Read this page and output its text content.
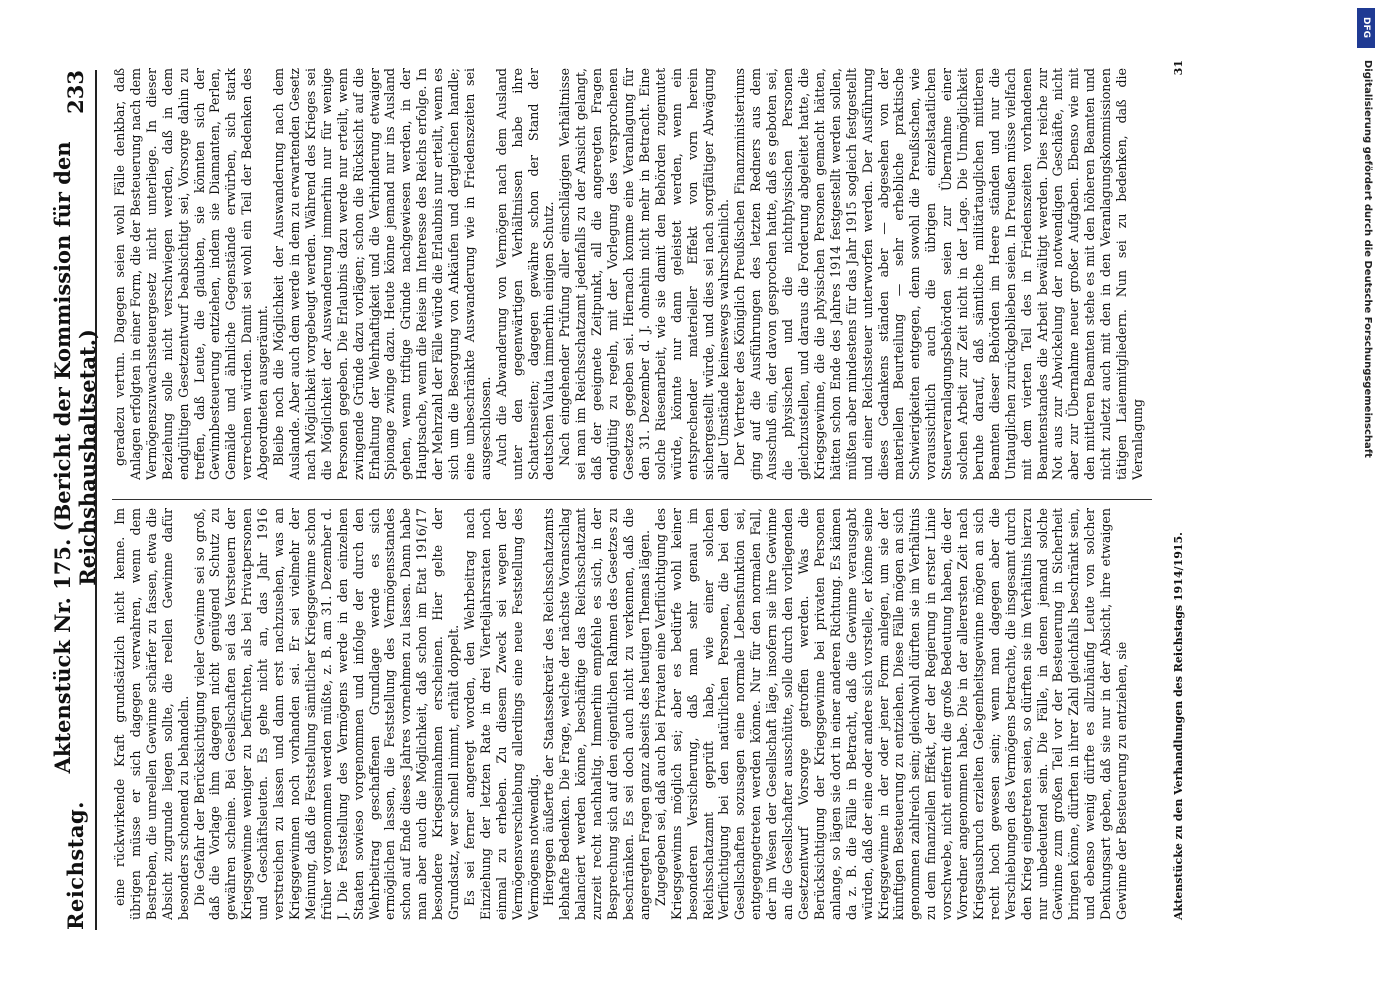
Reichstag.
Aktenstück Nr. 175. (Bericht der Kommission für den Reichshaushaltsetat.)
233

eine rückwirkende Kraft grundsätzlich nicht kenne. Im übrigen müsse er sich dagegen verwahren, wenn dem Bestreben, die unreellen Gewinne schärfer zu fassen, etwa die Absicht zugrunde liegen sollte, die reellen Gewinne dafür besonders schonend zu behandeln. Die Gefahr der Berücksichtigung vieler Gewinne sei so groß, daß die Vorlage ihm dagegen nicht genügend Schutz zu gewähren scheine. Bei Gesellschaften sei das Versteuern der Kriegsgewinne weniger zu befürchten, als bei Privatpersonen und Geschäftsleuten. Es gehe nicht an, das Jahr 1916 verstreichen zu lassen und dann erst nachzusehen, was an Kriegsgewinnen noch vorhanden sei. Er sei vielmehr der Meinung, daß die Feststellung sämtlicher Kriegsgewinne schon früher vorgenommen werden müßte, z. B. am 31. Dezember d. J. Die Feststellung des Vermögens werde in den einzelnen Staaten sowieso vorgenommen und infolge der durch den Wehrbeitrag geschaffenen Grundlage werde es sich ermöglichen lassen, die Feststellung des Vermögensstandes schon auf Ende dieses Jahres vornehmen zu lassen. Dann habe man aber auch die Möglichkeit, daß schon im Etat 1916/17 besondere Kriegseinnahmen erscheinen. Hier gelte der Grundsatz, wer schnell nimmt, erhält doppelt. Es sei ferner angeregt worden, den Wehrbeitrag nach Einziehung der letzten Rate in drei Vierteljahrsraten noch einmal zu erheben. Zu diesem Zweck sei wegen der Vermögensverschiebung allerdings eine neue Feststellung des Vermögens notwendig. Hiergegen äußerte der Staatssekretär des Reichsschatzamts lebhafte Bedenken. Die Frage, welche der nächste Voranschlag balanciert werden könne, beschäftige das Reichsschatzamt zurzeit recht nachhaltig. Immerhin empfehle es sich, in der Besprechung sich auf den eigentlichen Rahmen des Gesetzes zu beschränken. Es sei doch auch nicht zu verkennen, daß die angeregten Fragen ganz abseits des heutigen Themas lägen. Zugegeben sei, daß auch bei Privaten eine Verflüchtigung des Kriegsgewinns möglich sei; aber es bedürfe wohl keiner besonderen Versicherung, daß man sehr genau im Reichsschatzamt geprüft habe, wie einer solchen Verflüchtigung bei den natürlichen Personen, die bei den Gesellschaften sozusagen eine normale Lebensfunktion sei, entgegengetreten werden könne. Nur für den normalen Fall, der im Wesen der Gesellschaft läge, insofern sie ihre Gewinne an die Gesellschafter ausschütte, solle durch den vorliegenden Gesetzentwurf Vorsorge getroffen werden. Was die Berücksichtigung der Kriegsgewinne bei privaten Personen anlange, so lägen sie dort in einer anderen Richtung. Es kämen da z. B. die Fälle in Betracht, daß die Gewinne verausgabt würden, daß der eine oder andere sich vorstelle, er könne seine Kriegsgewinne in der oder jener Form anlegen, um sie der künftigen Besteuerung zu entziehen. Diese Fälle mögen an sich genommen zahlreich sein; gleichwohl dürften sie im Verhältnis zu dem finanziellen Effekt, der der Regierung in erster Linie vorschwebe, nicht entfernt die große Bedeutung haben, die der Vorredner angenommen habe. Die in der allerersten Zeit nach Kriegsausbruch erzielten Gelegenheitsgewinne mögen an sich recht hoch gewesen sein; wenn man dagegen aber die Verschiebungen des Vermögens betrachte, die insgesamt durch den Krieg eingetreten seien, so dürften sie im Verhältnis hierzu nur unbedeutend sein. Die Fälle, in denen jemand solche Gewinne zum großen Teil vor der Besteuerung in Sicherheit bringen könne, dürften in ihrer Zahl gleichfalls beschränkt sein, und ebenso wenig dürfte es allzuhäufig Leute von solcher Denkungsart geben, daß sie nur in der Absicht, ihre etwaigen Gewinne der Besteuerung zu entziehen, sie

geradezu vertun. Dagegen seien wohl Fälle denkbar, daß Anlagen erfolgten in einer Form, die der Besteuerung nach dem Vermögenszuwachssteuergesetz nicht unterliege. In dieser Beziehung solle nicht verschwiegen werden, daß in dem endgültigen Gesetzentwurf beabsichtigt sei, Vorsorge dahin zu treffen, daß Leute, die glaubten, sie könnten sich der Gewinnbesteuerung entziehen, indem sie Diamanten, Perlen, Gemälde und ähnliche Gegenstände erwürben, sich stark verrechnen würden. Damit sei wohl ein Teil der Bedenken des Abgeordneten ausgeräumt. Bleibe noch die Möglichkeit der Auswanderung nach dem Auslande. Aber auch dem werde in dem zu erwartenden Gesetz nach Möglichkeit vorgebeugt werden. Während des Krieges sei die Möglichkeit der Auswanderung immerhin nur für wenige Personen gegeben. Die Erlaubnis dazu werde nur erteilt, wenn zwingende Gründe dazu vorlägen; schon die Rücksicht auf die Erhaltung der Wehrhaftigkeit und die Verhinderung etwaiger Spionage zwinge dazu. Heute könne jemand nur ins Ausland gehen, wenn triftige Gründe nachgewiesen werden, in der Hauptsache, wenn die Reise im Interesse des Reichs erfolge. In der Mehrzahl der Fälle würde die Erlaubnis nur erteilt, wenn es sich um die Besorgung von Ankäufen und dergleichen handle; eine unbeschränkte Auswanderung wie in Friedenszeiten sei ausgeschlossen. Auch die Abwanderung von Vermögen nach dem Ausland unter den gegenwärtigen Verhältnissen habe ihre Schattenseiten; dagegen gewähre schon der Stand der deutschen Valuta immerhin einigen Schutz. Nach eingehender Prüfung aller einschlägigen Verhältnisse sei man im Reichsschatzamt jedenfalls zu der Ansicht gelangt, daß der geeignete Zeitpunkt, all die angeregten Fragen endgültig zu regeln, mit der Vorlegung des versprochenen Gesetzes gegeben sei. Hiernach komme eine Veranlagung für den 31. Dezember d. J. ohnehin nicht mehr in Betracht. Eine solche Riesenarbeit, wie sie damit den Behörden zugemutet würde, könnte nur dann geleistet werden, wenn ein entsprechender materieller Effekt von vorn herein sichergestellt würde, und dies sei nach sorgfältiger Abwägung aller Umstände keineswegs wahrscheinlich. Der Vertreter des Königlich Preußischen Finanzministeriums ging auf die Ausführungen des letzten Redners aus dem Ausschuß ein, der davon gesprochen hatte, daß es geboten sei, die physischen und die nichtphysischen Personen gleichzustellen, und daraus die Forderung abgeleitet hatte, die Kriegsgewinne, die die physischen Personen gemacht hätten, hätten schon Ende des Jahres 1914 festgestellt werden sollen, müßten aber mindestens für das Jahr 1915 sogleich festgestellt und einer Reichssteuer unterworfen werden. Der Ausführung dieses Gedankens ständen aber — abgesehen von der materiellen Beurteilung — sehr erhebliche praktische Schwierigkeiten entgegen, denn sowohl die Preußischen, wie voraussichtlich auch die übrigen einzelstaatlichen Steuerveranlagungsbehörden seien zur Übernahme einer solchen Arbeit zur Zeit nicht in der Lage. Die Unmöglichkeit beruhe darauf, daß sämtliche militärtauglichen mittleren Beamten dieser Behörden im Heere ständen und nur die Untauglichen zurückgeblieben seien. In Preußen müsse vielfach mit dem vierten Teil des in Friedenszeiten vorhandenen Beamtenstandes die Arbeit bewältigt werden. Dies reiche zur Not aus zur Abwickelung der notwendigen Geschäfte, nicht aber zur Übernahme neuer großer Aufgaben. Ebenso wie mit den mittleren Beamten stehe es mit den höheren Beamten und nicht zuletzt auch mit den in den Veranlagungskommissionen tätigen Laienmitgliedern. Nun sei zu bedenken, daß die Veranlagung

Aktenstücke zu den Verhandlungen des Reichstags 1914/1915.
31
DFG
Digitalisierung gefördert durch die Deutsche Forschungsgemeinschaft
